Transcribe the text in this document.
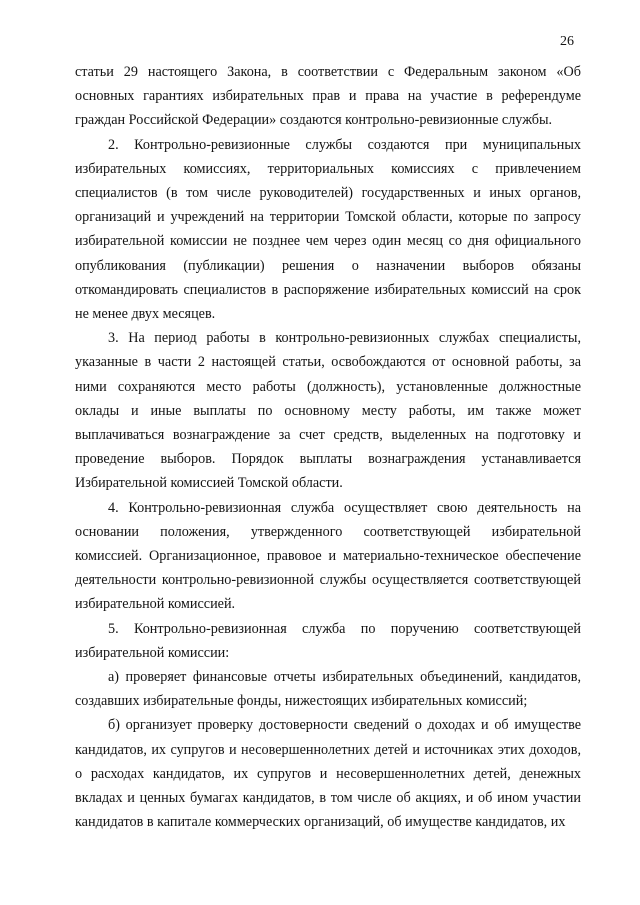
26

статьи 29 настоящего Закона, в соответствии с Федеральным законом «Об основных гарантиях избирательных прав и права на участие в референдуме граждан Российской Федерации» создаются контрольно-ревизионные службы.

2. Контрольно-ревизионные службы создаются при муниципальных избирательных комиссиях, территориальных комиссиях с привлечением специалистов (в том числе руководителей) государственных и иных органов, организаций и учреждений на территории Томской области, которые по запросу избирательной комиссии не позднее чем через один месяц со дня официального опубликования (публикации) решения о назначении выборов обязаны откомандировать специалистов в распоряжение избирательных комиссий на срок не менее двух месяцев.

3. На период работы в контрольно-ревизионных службах специалисты, указанные в части 2 настоящей статьи, освобождаются от основной работы, за ними сохраняются место работы (должность), установленные должностные оклады и иные выплаты по основному месту работы, им также может выплачиваться вознаграждение за счет средств, выделенных на подготовку и проведение выборов. Порядок выплаты вознаграждения устанавливается Избирательной комиссией Томской области.

4. Контрольно-ревизионная служба осуществляет свою деятельность на основании положения, утвержденного соответствующей избирательной комиссией. Организационное, правовое и материально-техническое обеспечение деятельности контрольно-ревизионной службы осуществляется соответствующей избирательной комиссией.

5. Контрольно-ревизионная служба по поручению соответствующей избирательной комиссии:

а) проверяет финансовые отчеты избирательных объединений, кандидатов, создавших избирательные фонды, нижестоящих избирательных комиссий;

б) организует проверку достоверности сведений о доходах и об имуществе кандидатов, их супругов и несовершеннолетних детей и источниках этих доходов, о расходах кандидатов, их супругов и несовершеннолетних детей, денежных вкладах и ценных бумагах кандидатов, в том числе об акциях, и об ином участии кандидатов в капитале коммерческих организаций, об имуществе кандидатов, их
